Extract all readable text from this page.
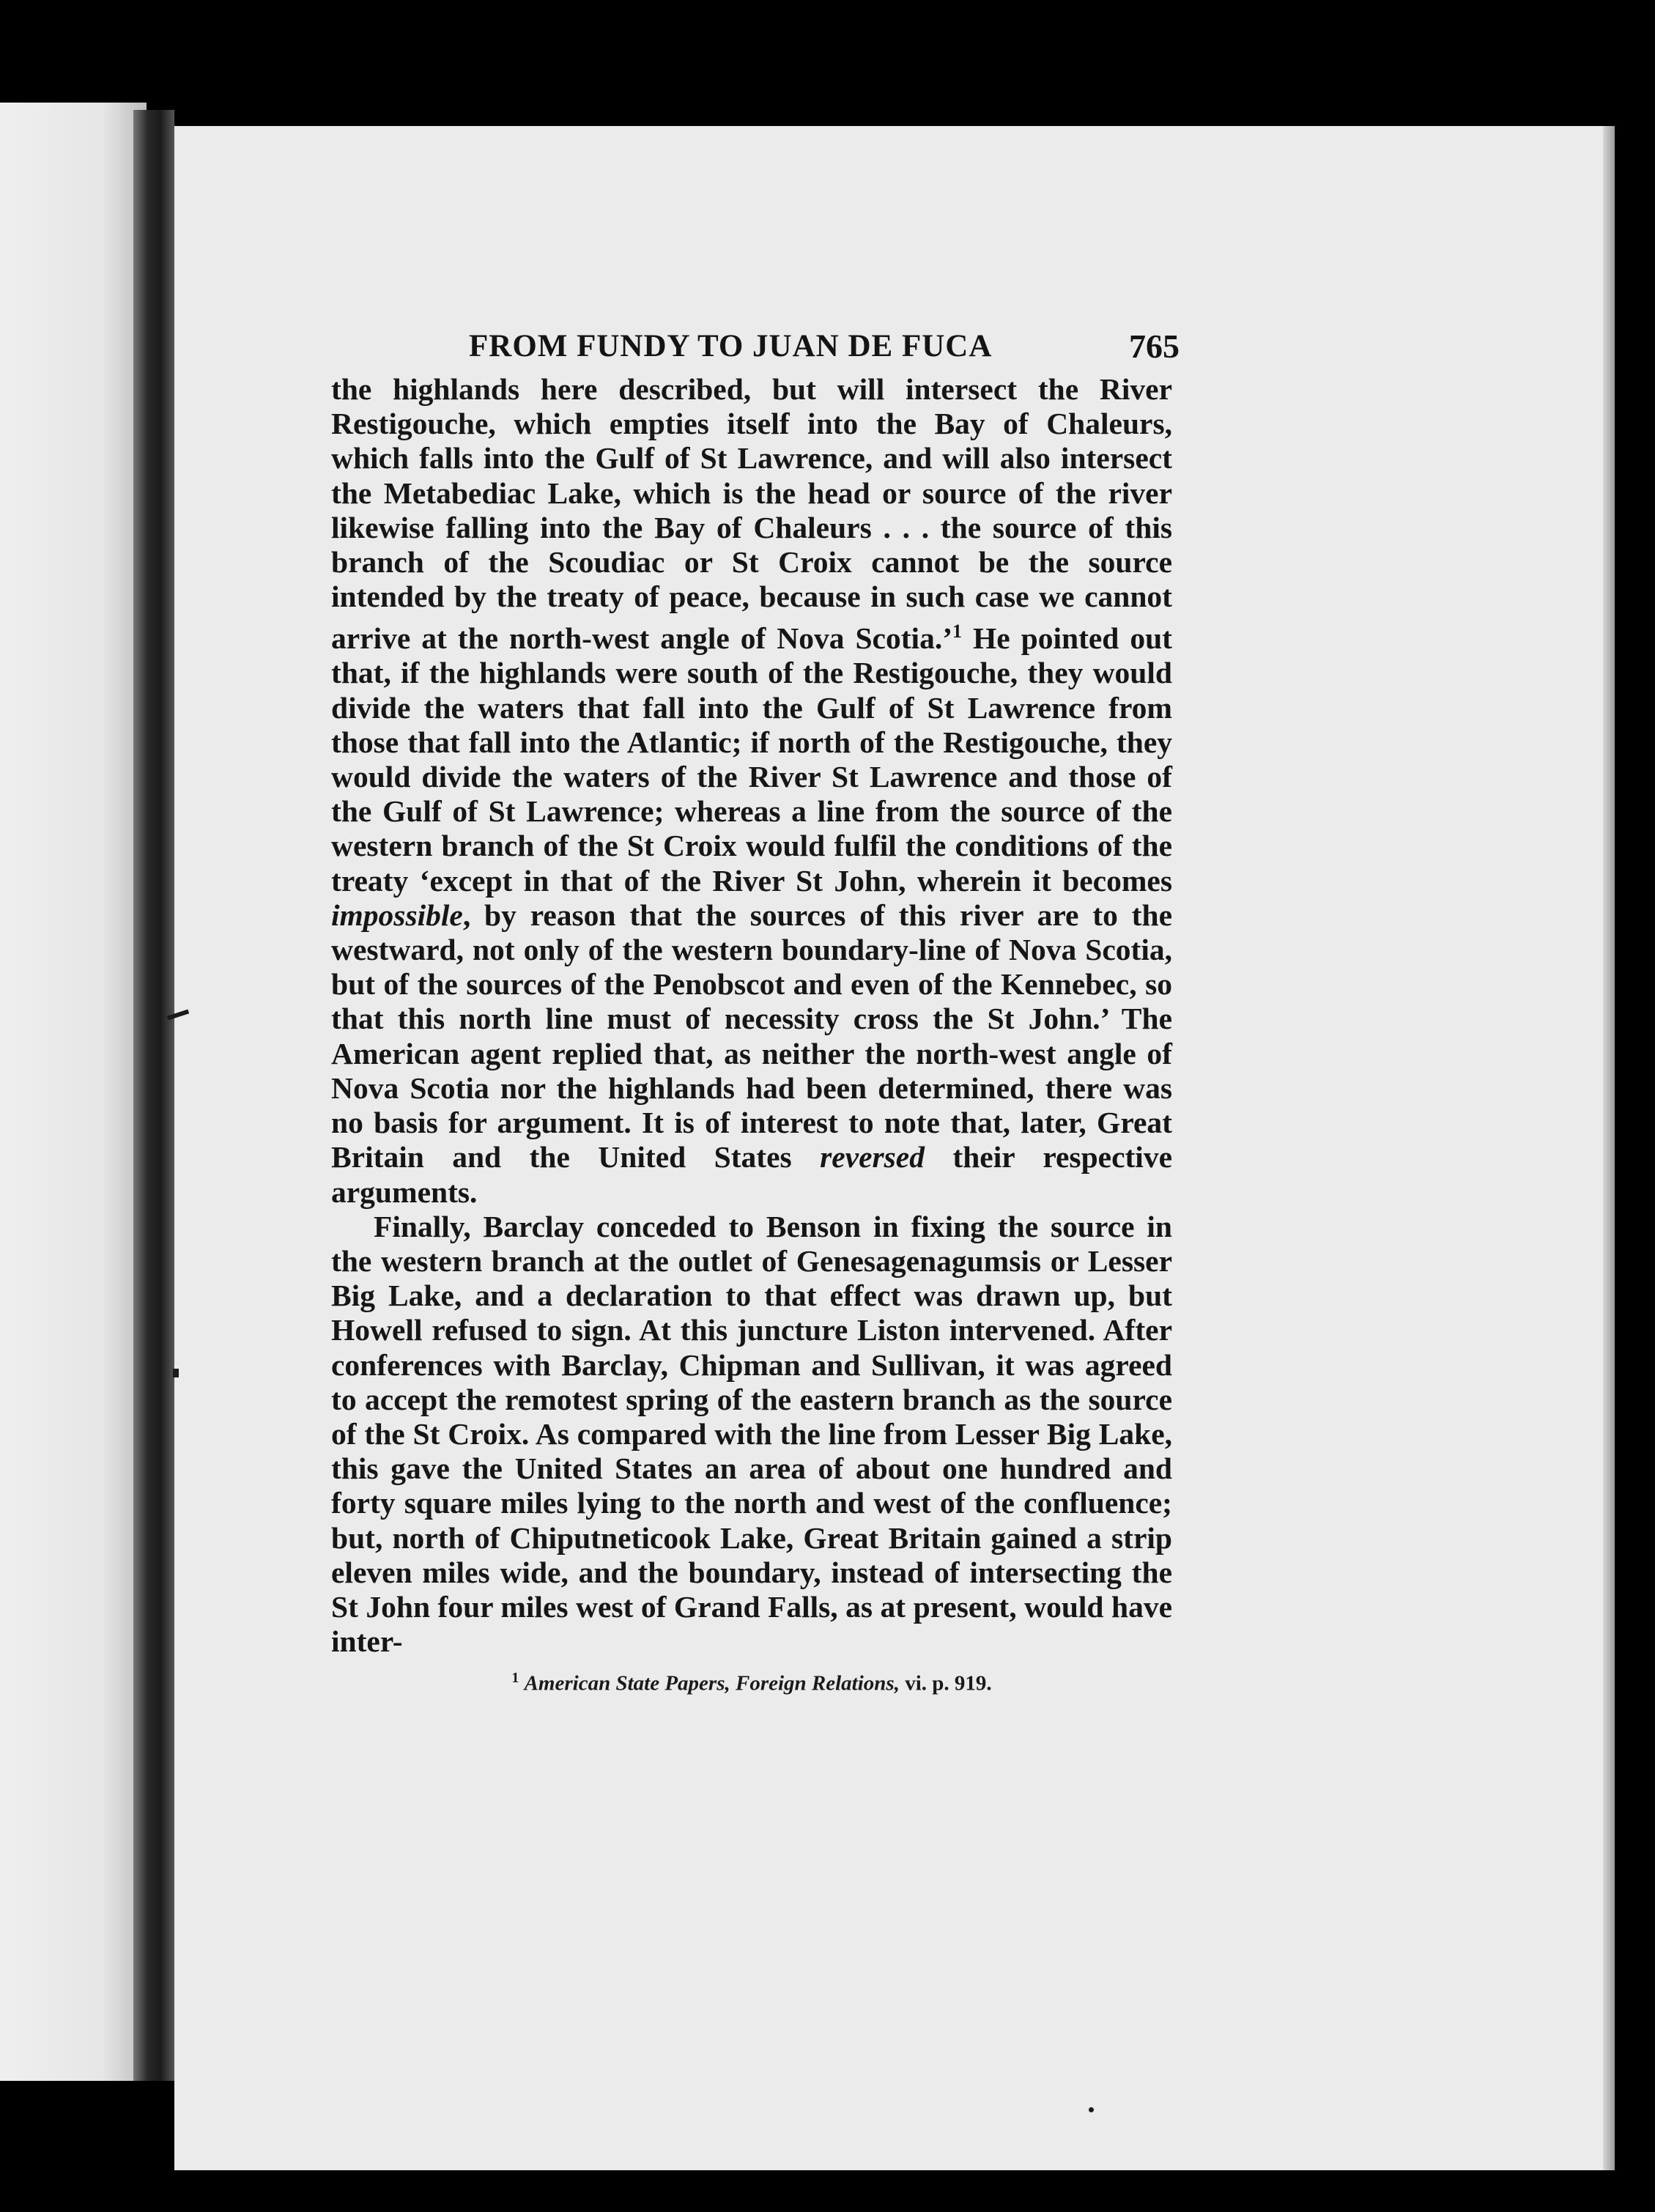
FROM FUNDY TO JUAN DE FUCA	765

the highlands here described, but will intersect the River Restigouche, which empties itself into the Bay of Chaleurs, which falls into the Gulf of St Lawrence, and will also intersect the Metabediac Lake, which is the head or source of the river likewise falling into the Bay of Chaleurs . . . the source of this branch of the Scoudiac or St Croix cannot be the source intended by the treaty of peace, because in such case we cannot arrive at the north-west angle of Nova Scotia.’$^1$ He pointed out that, if the highlands were south of the Restigouche, they would divide the waters that fall into the Gulf of St Lawrence from those that fall into the Atlantic; if north of the Restigouche, they would divide the waters of the River St Lawrence and those of the Gulf of St Lawrence; whereas a line from the source of the western branch of the St Croix would fulfil the conditions of the treaty ‘except in that of the River St John, wherein it becomes impossible, by reason that the sources of this river are to the westward, not only of the western boundary-line of Nova Scotia, but of the sources of the Penobscot and even of the Kennebec, so that this north line must of necessity cross the St John.’ The American agent replied that, as neither the north-west angle of Nova Scotia nor the highlands had been determined, there was no basis for argument. It is of interest to note that, later, Great Britain and the United States reversed their respective arguments.

Finally, Barclay conceded to Benson in fixing the source in the western branch at the outlet of Genesagenagumsis or Lesser Big Lake, and a declaration to that effect was drawn up, but Howell refused to sign. At this juncture Liston intervened. After conferences with Barclay, Chipman and Sullivan, it was agreed to accept the remotest spring of the eastern branch as the source of the St Croix. As compared with the line from Lesser Big Lake, this gave the United States an area of about one hundred and forty square miles lying to the north and west of the confluence; but, north of Chiputneticook Lake, Great Britain gained a strip eleven miles wide, and the boundary, instead of intersecting the St John four miles west of Grand Falls, as at present, would have inter-

$^1$ American State Papers, Foreign Relations, vi. p. 919.
